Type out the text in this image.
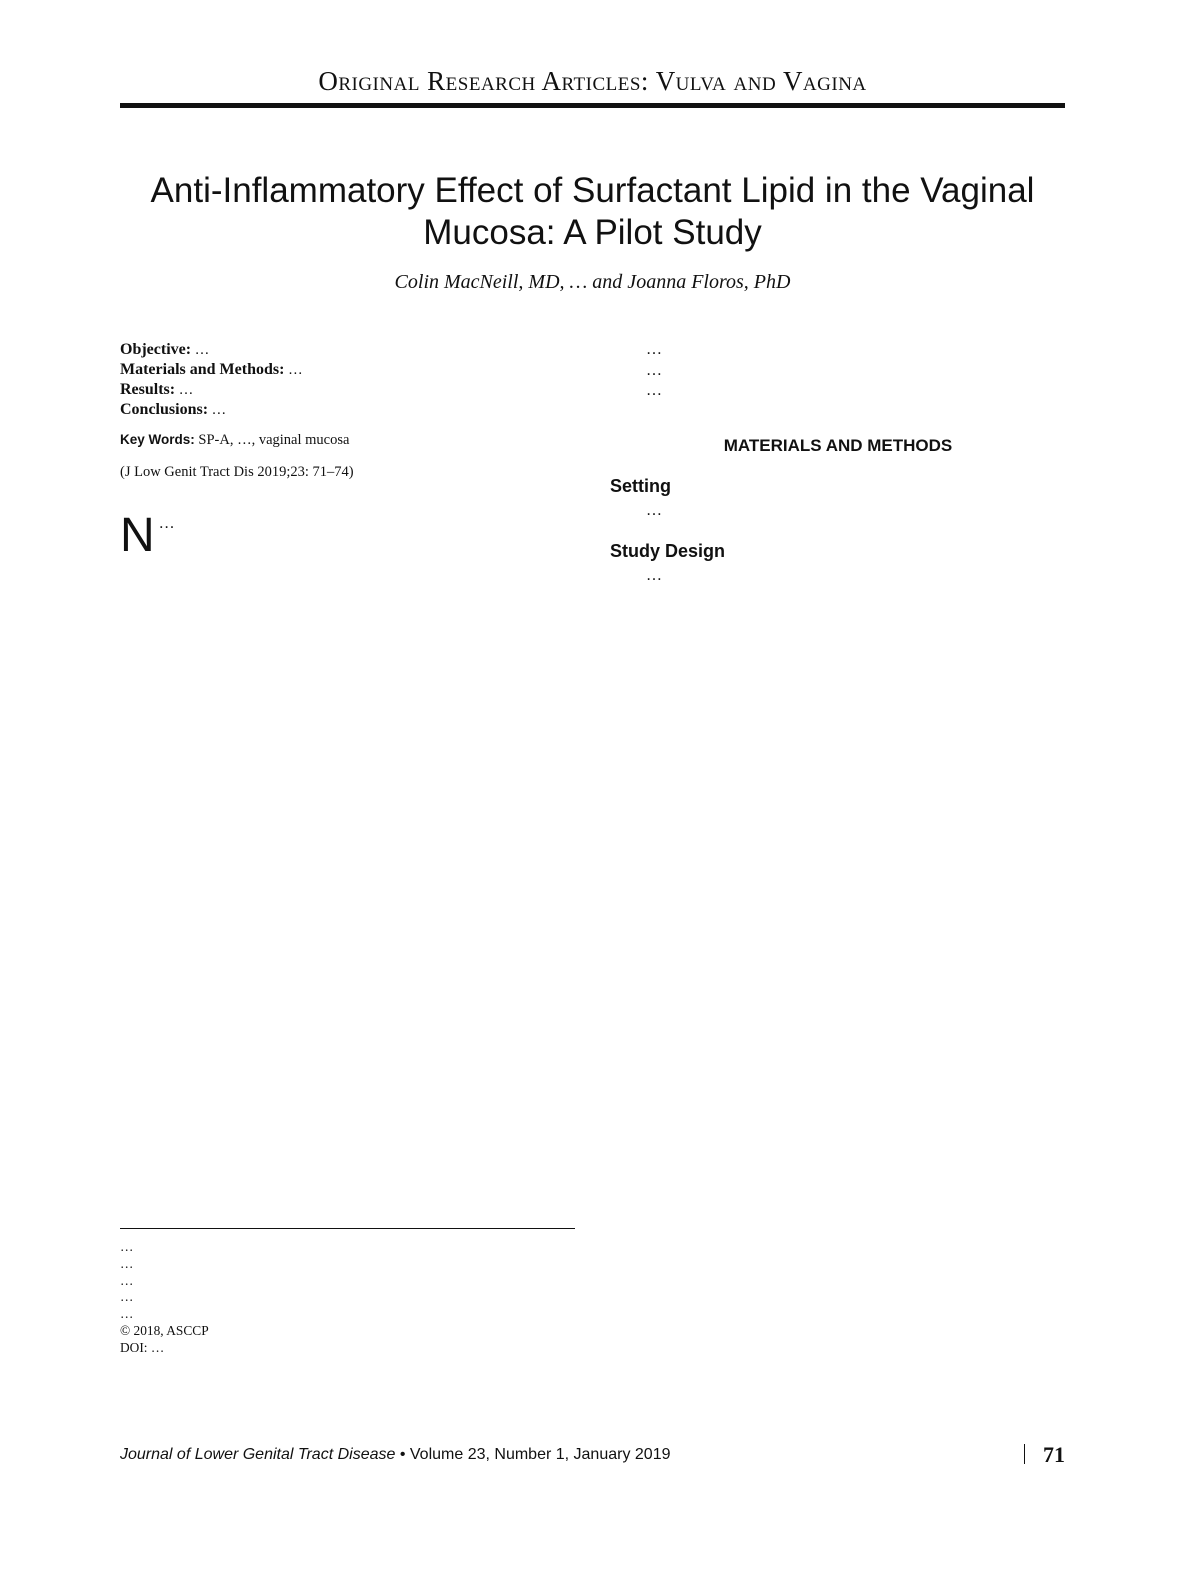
Original Research Articles: Vulva and Vagina
Anti-Inflammatory Effect of Surfactant Lipid in the Vaginal Mucosa: A Pilot Study
Colin MacNeill, MD, … and Joanna Floros, PhD

Objective: …

Materials and Methods: …

Results: …

Conclusions: …

Key Words: SP-A, …, vaginal mucosa
(J Low Genit Tract Dis 2019;23: 71–74)
N …

…

…

…

…

…

© 2018, ASCCP

DOI: …

…

…

…

MATERIALS AND METHODS
Setting

…

Study Design

…

Journal of Lower Genital Tract Disease • Volume 23, Number 1, January 2019	71
